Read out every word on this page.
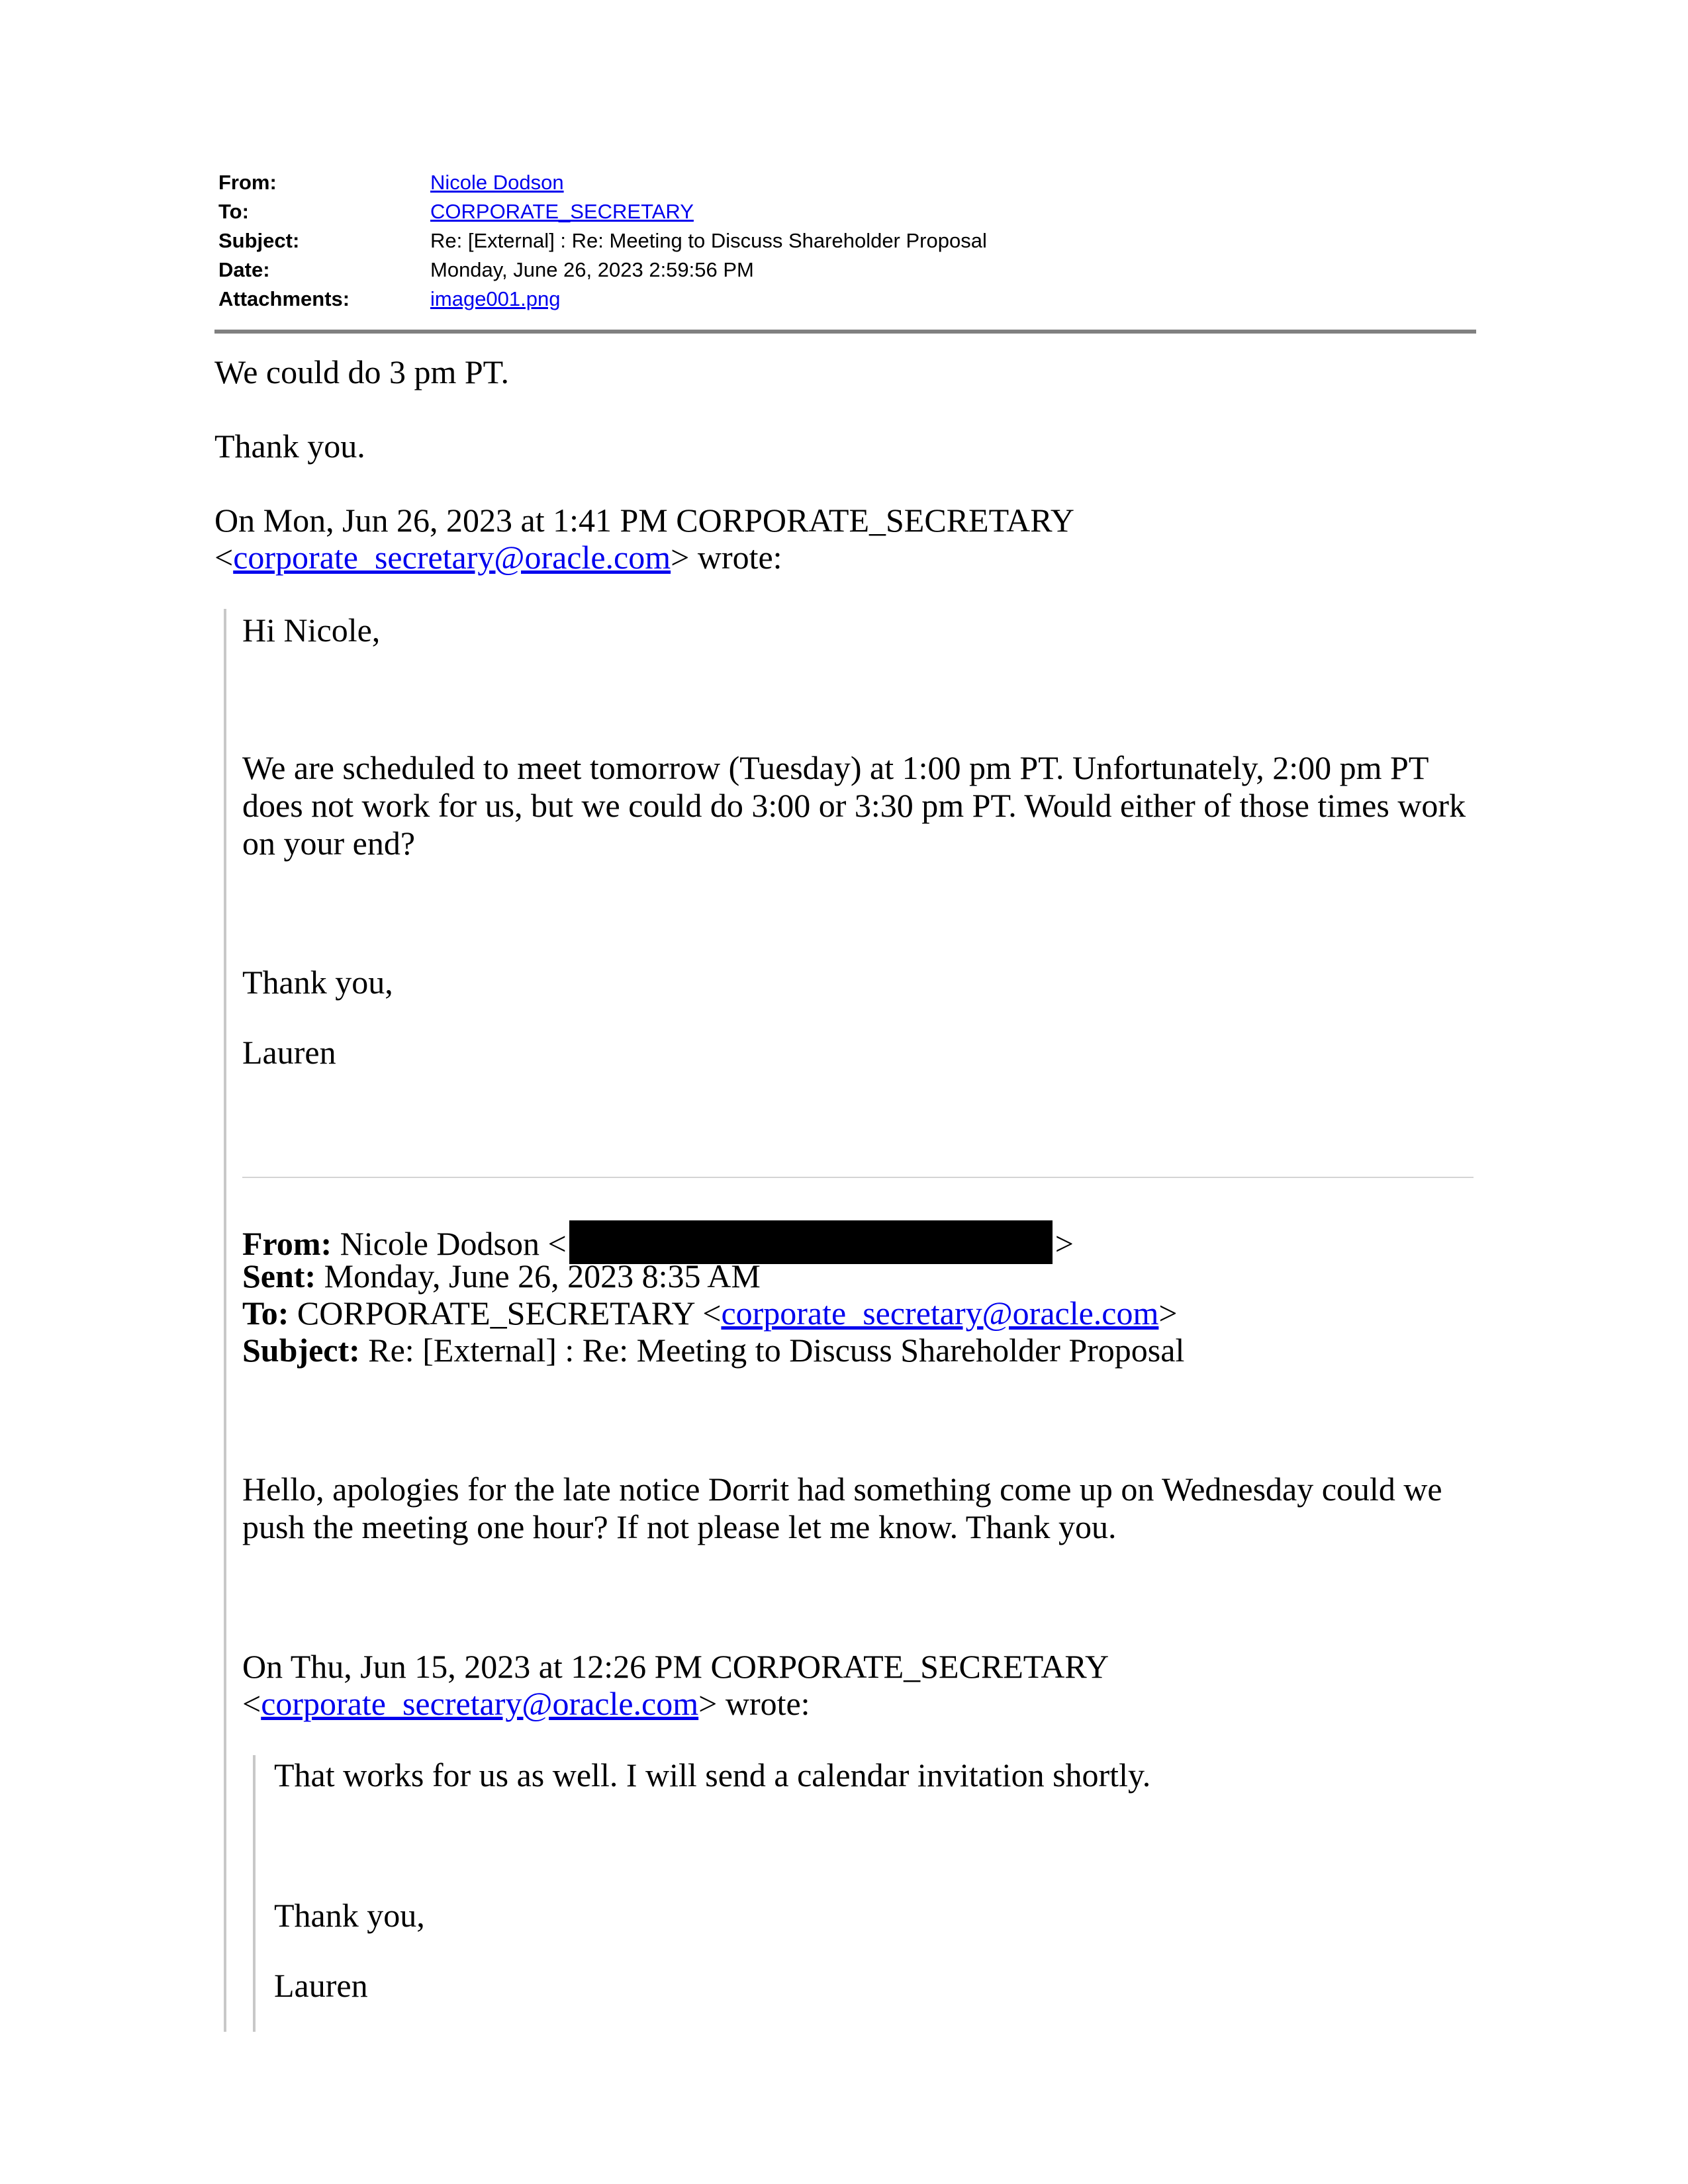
From:	Nicole Dodson
To:	CORPORATE_SECRETARY
Subject:	Re: [External] : Re: Meeting to Discuss Shareholder Proposal
Date:	Monday, June 26, 2023 2:59:56 PM
Attachments:	image001.png
We could do 3 pm PT.
Thank you.
On Mon, Jun 26, 2023 at 1:41 PM CORPORATE_SECRETARY
<corporate_secretary@oracle.com> wrote:
Hi Nicole,
We are scheduled to meet tomorrow (Tuesday) at 1:00 pm PT. Unfortunately, 2:00 pm PT does not work for us, but we could do 3:00 or 3:30 pm PT. Would either of those times work on your end?
Thank you,
Lauren
From: Nicole Dodson <	>
Sent: Monday, June 26, 2023 8:35 AM
To: CORPORATE_SECRETARY <corporate_secretary@oracle.com>
Subject: Re: [External] : Re: Meeting to Discuss Shareholder Proposal
Hello, apologies for the late notice Dorrit had something come up on Wednesday could we push the meeting one hour? If not please let me know. Thank you.
On Thu, Jun 15, 2023 at 12:26 PM CORPORATE_SECRETARY
<corporate_secretary@oracle.com> wrote:
That works for us as well. I will send a calendar invitation shortly.
Thank you,
Lauren
